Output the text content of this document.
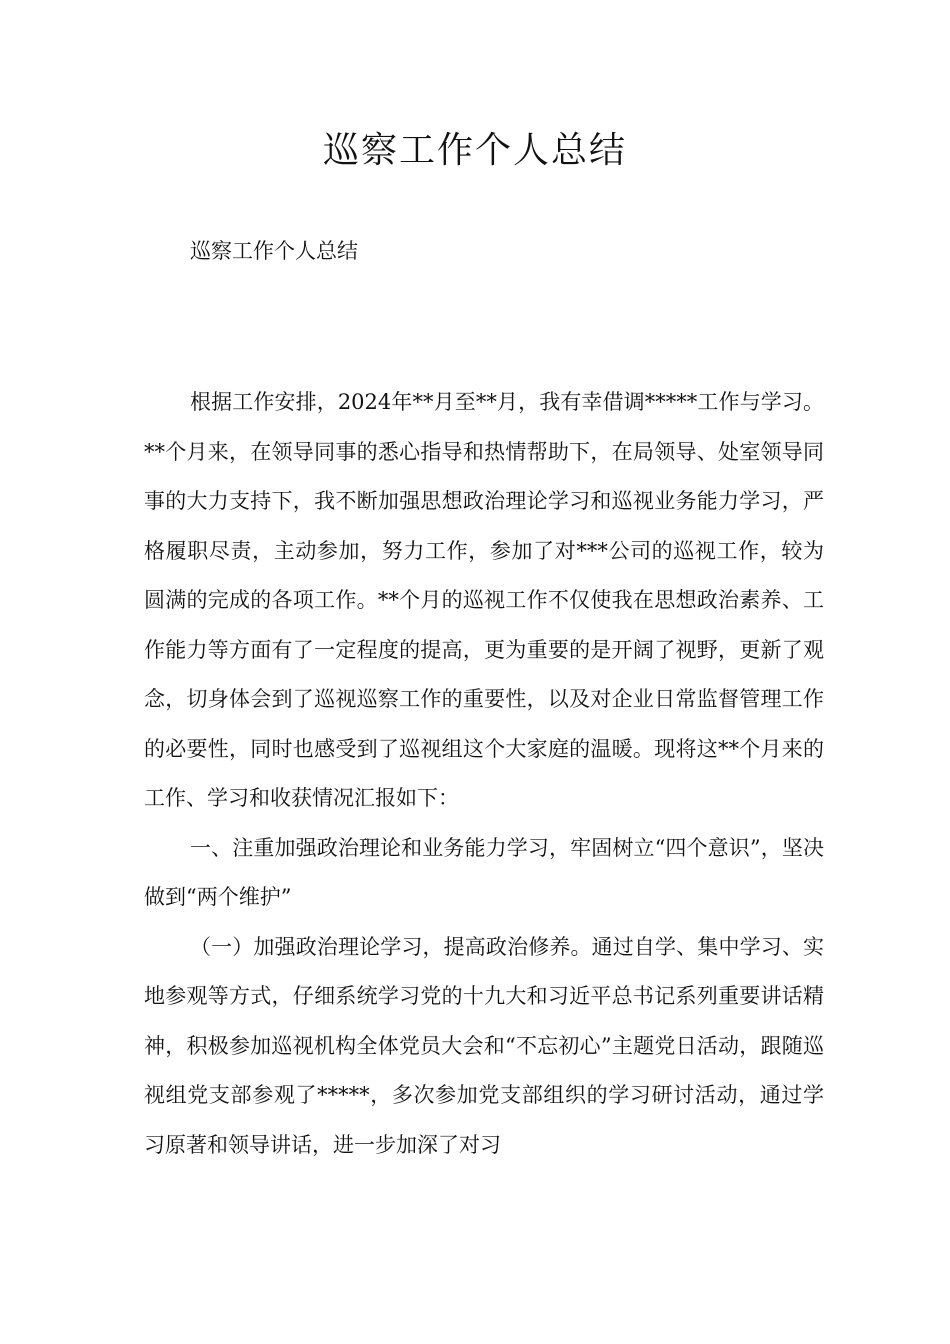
巡察工作个人总结

巡察工作个人总结

根据工作安排，2024年**月至**月，我有幸借调*****工作与学习。**个月来，在领导同事的悉心指导和热情帮助下，在局领导、处室领导同事的大力支持下，我不断加强思想政治理论学习和巡视业务能力学习，严格履职尽责，主动参加，努力工作，参加了对***公司的巡视工作，较为圆满的完成的各项工作。**个月的巡视工作不仅使我在思想政治素养、工作能力等方面有了一定程度的提高，更为重要的是开阔了视野，更新了观念，切身体会到了巡视巡察工作的重要性，以及对企业日常监督管理工作的必要性，同时也感受到了巡视组这个大家庭的温暖。现将这**个月来的工作、学习和收获情况汇报如下：

一、注重加强政治理论和业务能力学习，牢固树立“四个意识”，坚决做到“两个维护”

（一）加强政治理论学习，提高政治修养。通过自学、集中学习、实地参观等方式，仔细系统学习党的十九大和习近平总书记系列重要讲话精神，积极参加巡视机构全体党员大会和“不忘初心”主题党日活动，跟随巡视组党支部参观了*****，多次参加党支部组织的学习研讨活动，通过学习原著和领导讲话，进一步加深了对习
